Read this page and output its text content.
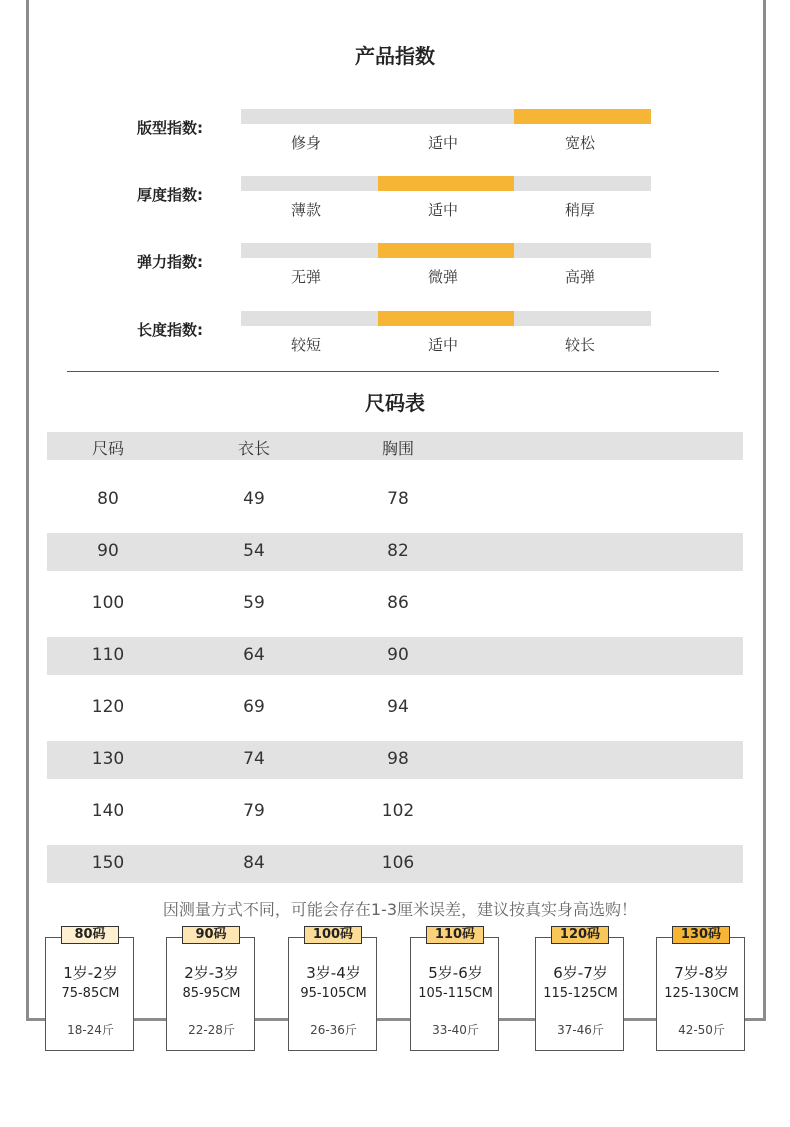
产品指数
版型指数:
修身	适中	宽松
厚度指数:
薄款	适中	稍厚
弹力指数:
无弹	微弹	高弹
长度指数:
较短	适中	较长
尺码表
尺码	衣长	胸围
80	49	78
90	54	82
100	59	86
110	64	90
120	69	94
130	74	98
140	79	102
150	84	106
因测量方式不同，可能会存在1-3厘米误差，建议按真实身高选购！
1岁-2岁
75-85CM
18-24斤
80码
2岁-3岁
85-95CM
22-28斤
90码
3岁-4岁
95-105CM
26-36斤
100码
5岁-6岁
105-115CM
33-40斤
110码
6岁-7岁
115-125CM
37-46斤
120码
7岁-8岁
125-130CM
42-50斤
130码
